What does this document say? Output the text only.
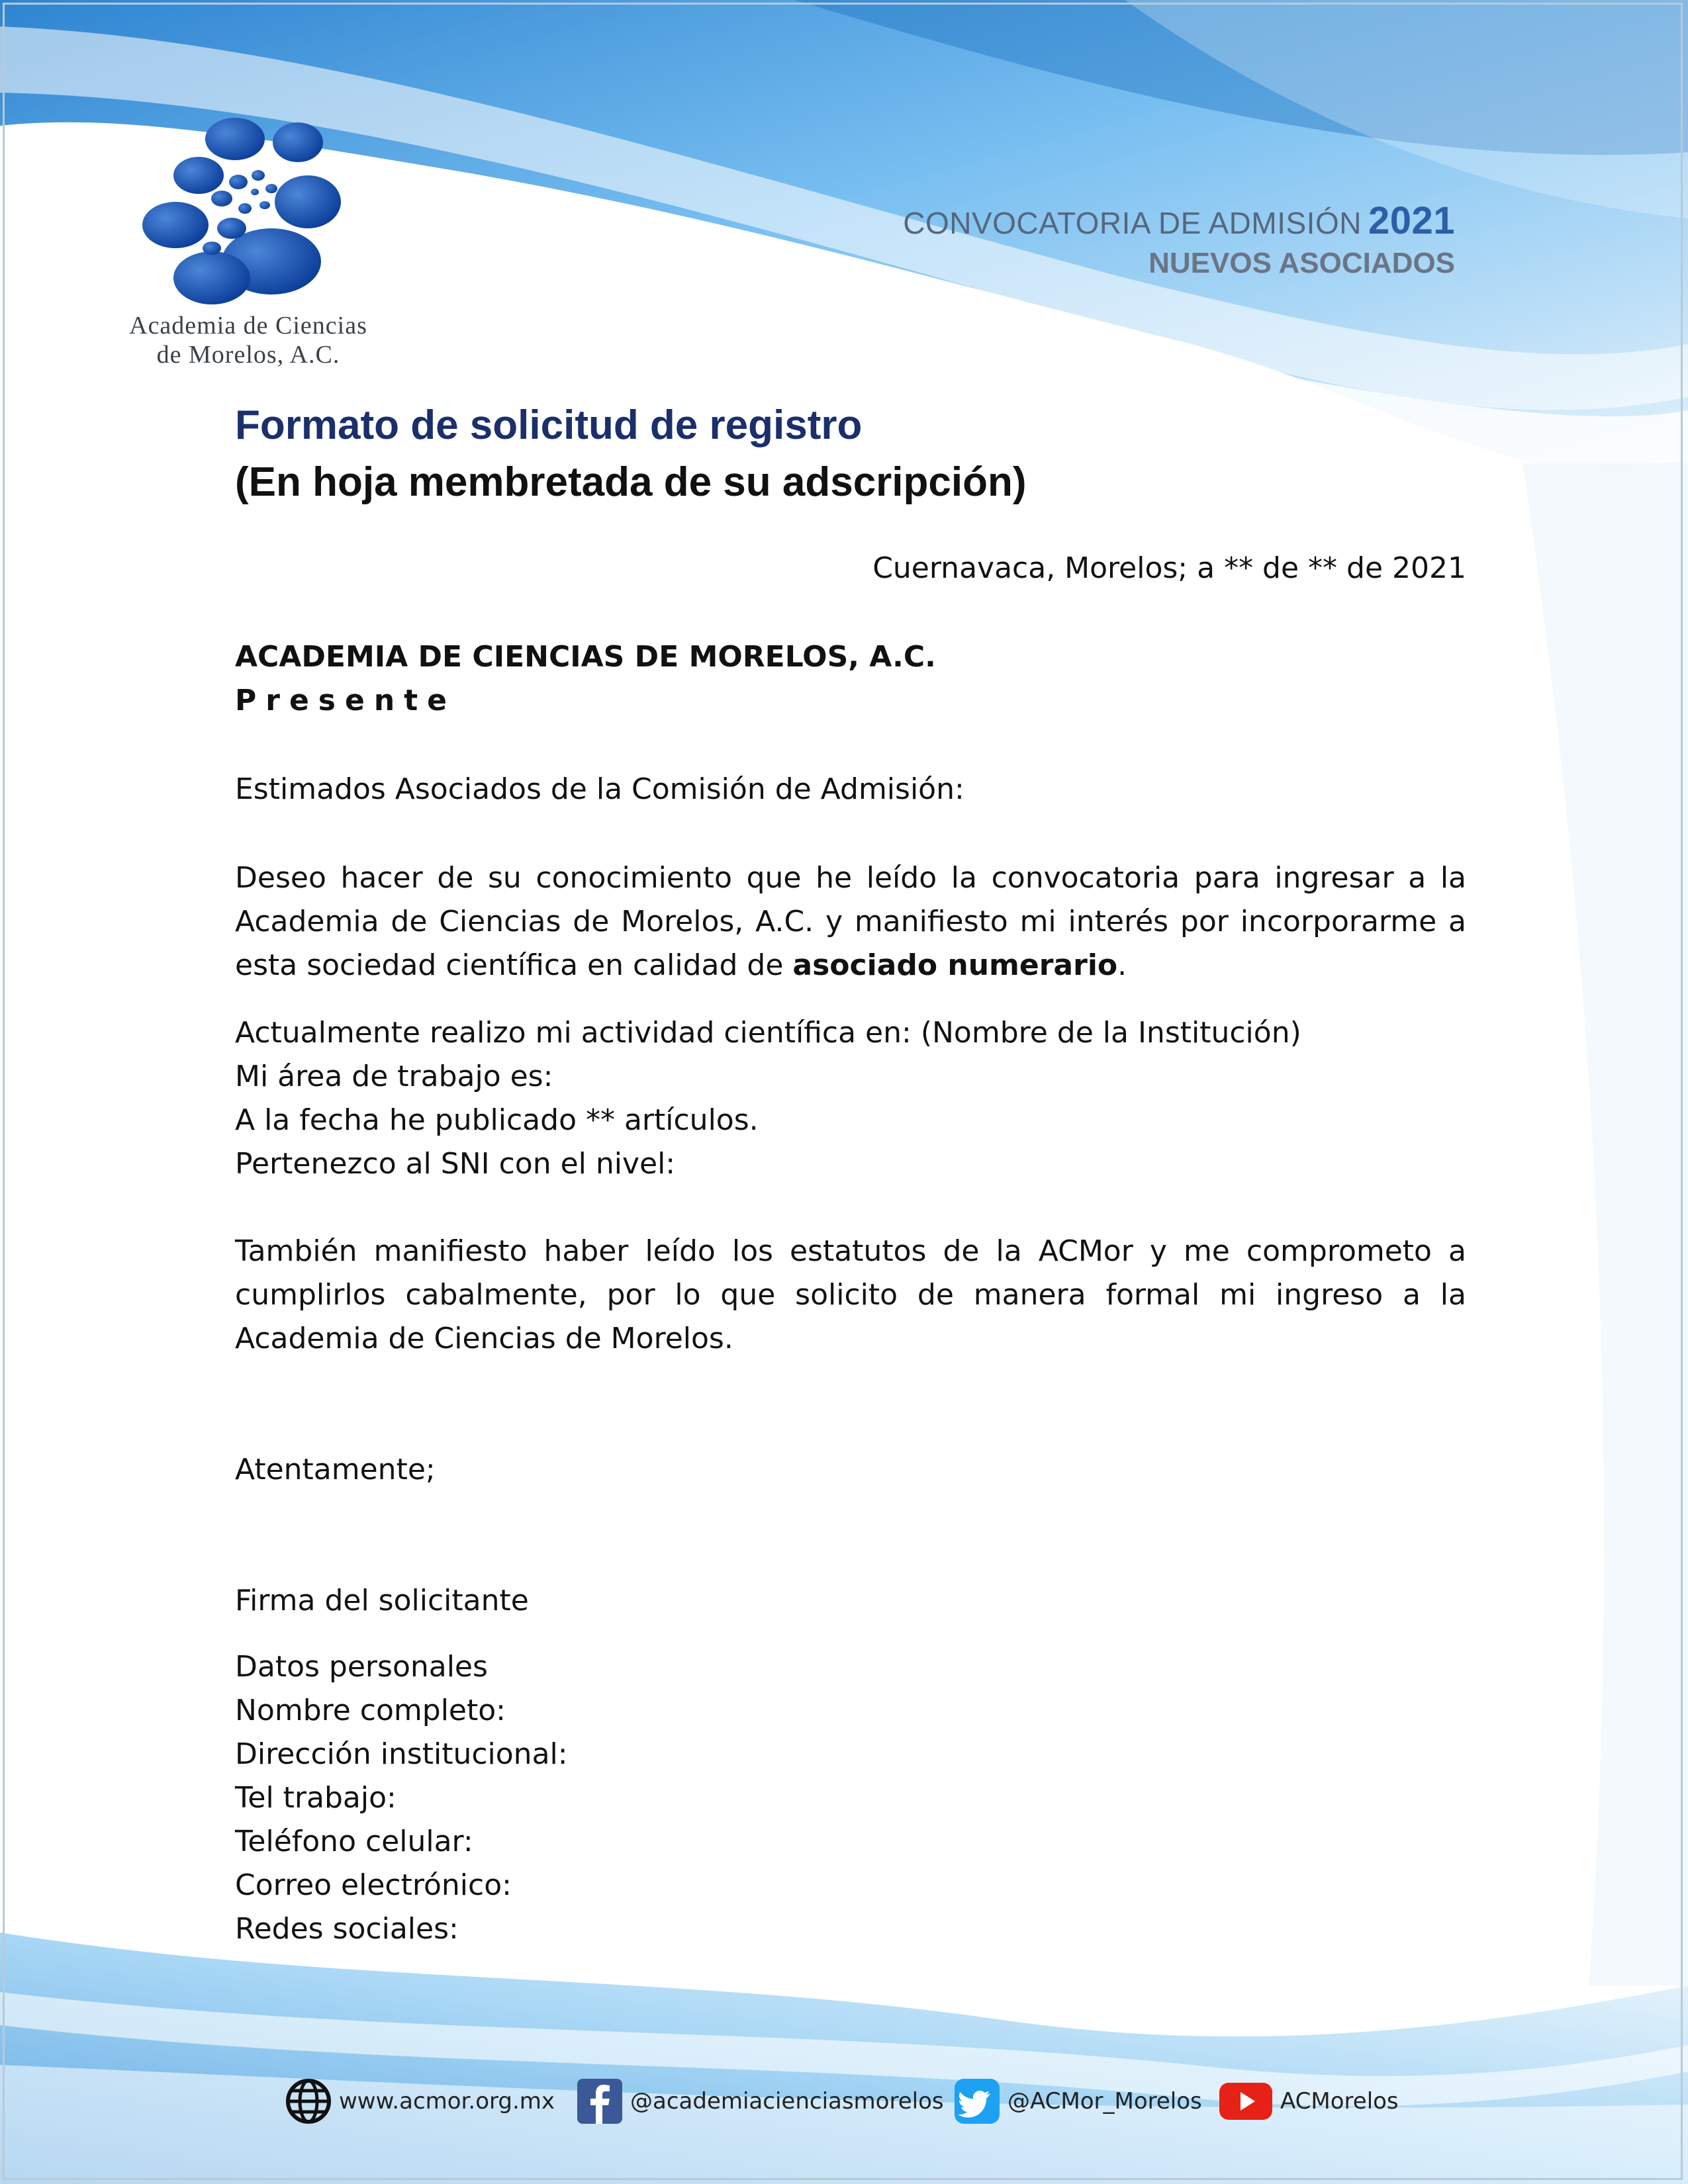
Academia de Ciencias
de Morelos, A.C.
CONVOCATORIA DE ADMISIÓN 2021
NUEVOS ASOCIADOS
Formato de solicitud de registro
(En hoja membretada de su adscripción)
Cuernavaca, Morelos; a ** de ** de 2021
ACADEMIA DE CIENCIAS DE MORELOS, A.C.
Presente
Estimados Asociados de la Comisión de Admisión:
Deseo hacer de su conocimiento que he leído la convocatoria para ingresar a la Academia de Ciencias de Morelos, A.C. y manifiesto mi interés por incorporarme a esta sociedad científica en calidad de asociado numerario.
Actualmente realizo mi actividad científica en: (Nombre de la Institución)
Mi área de trabajo es:
A la fecha he publicado ** artículos.
Pertenezco al SNI con el nivel:
También manifiesto haber leído los estatutos de la ACMor y me comprometo a cumplirlos cabalmente, por lo que solicito de manera formal mi ingreso a la Academia de Ciencias de Morelos.
Atentamente;
Firma del solicitante
Datos personales
Nombre completo:
Dirección institucional:
Tel trabajo:
Teléfono celular:
Correo electrónico:
Redes sociales:
www.acmor.org.mx	@academiacienciasmorelos	@ACMor_Morelos	ACMorelos
